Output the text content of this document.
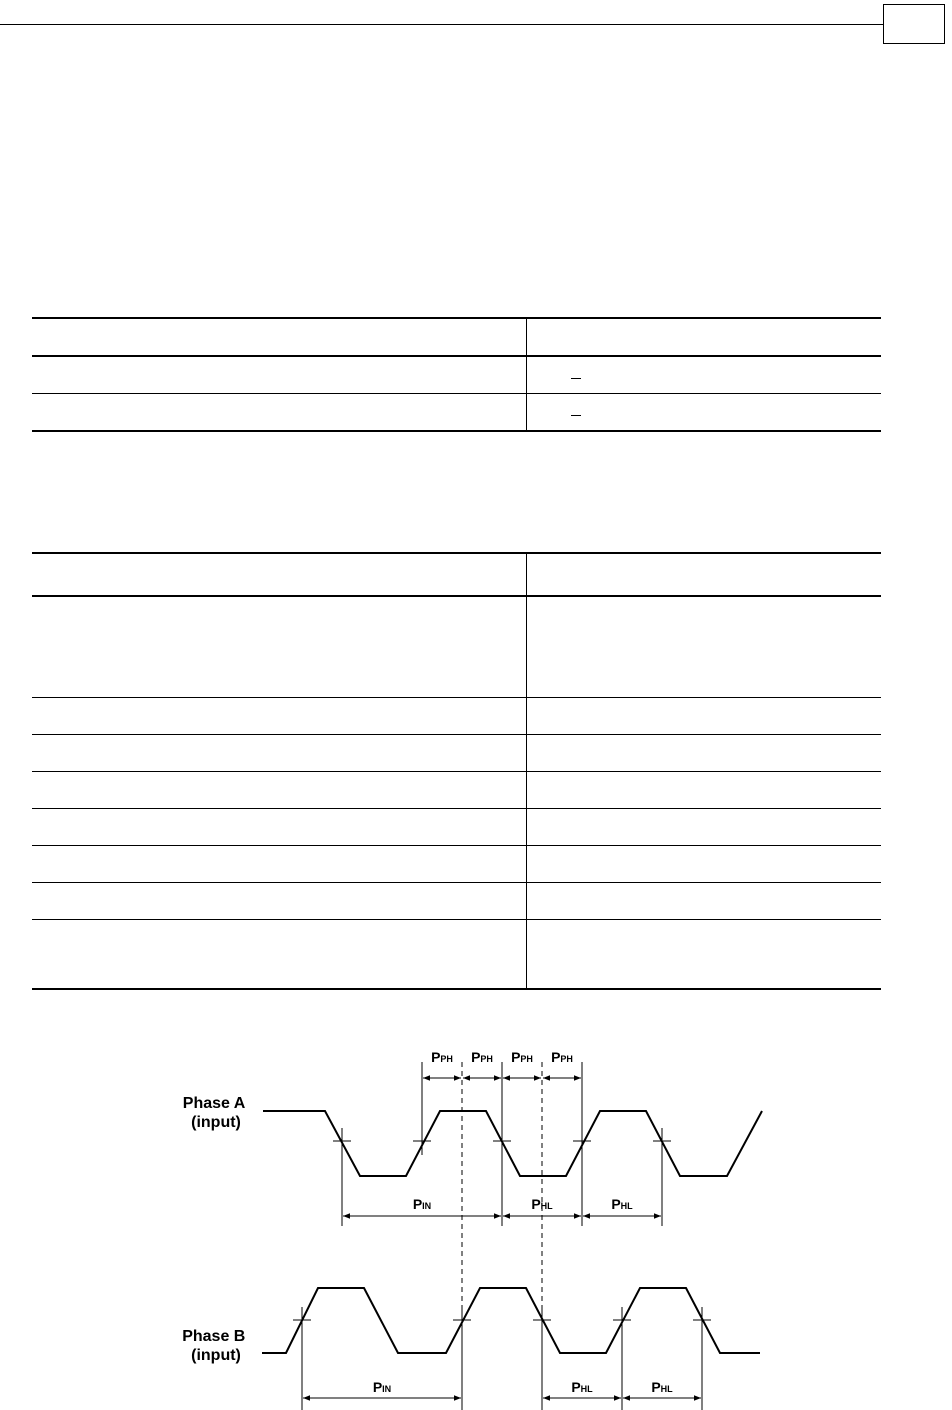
Phase A (input)
Phase B (input)
PPH PPH PPH PPH
PIN	PHL	PHL
PIN	PHL	PHL
